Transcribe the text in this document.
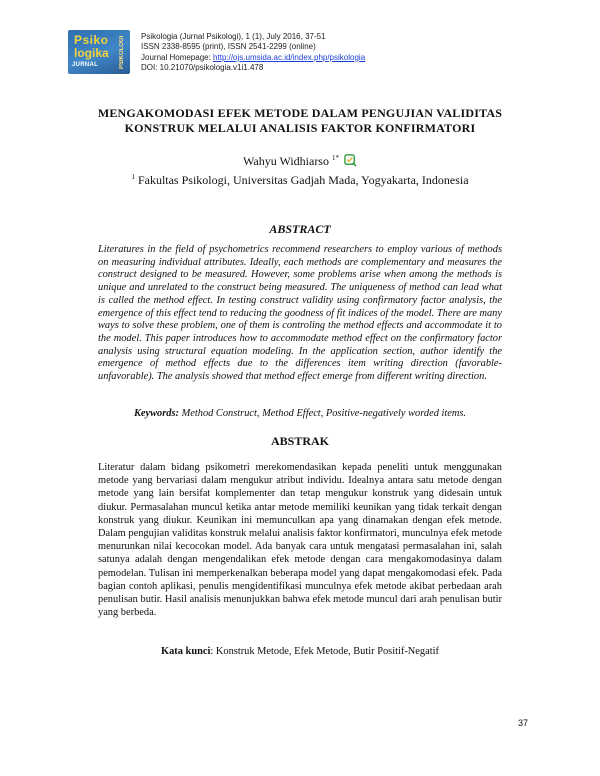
Psiko
logika
JURNAL	PSIKOLOGI	Psikologia (Jurnal Psikologi), 1 (1), July 2016, 37-51
ISSN 2338-8595 (print), ISSN 2541-2299 (online)
Journal Homepage: http://ojs.umsida.ac.id/index.php/psikologia
DOI: 10.21070/psikologia.v1i1.478
MENGAKOMODASI EFEK METODE DALAM PENGUJIAN VALIDITAS
KONSTRUK MELALUI ANALISIS FAKTOR KONFIRMATORI
Wahyu Widhiarso $^{1*}$
$^1$ Fakultas Psikologi, Universitas Gadjah Mada, Yogyakarta, Indonesia
ABSTRACT

Literatures in the field of psychometrics recommend researchers to employ various of methods on measuring individual attributes. Ideally, each methods are complementary and measures the construct designed to be measured. However, some problems arise when among the methods is unique and unrelated to the construct being measured. The uniqueness of method can lead what is called the method effect. In testing construct validity using confirmatory factor analysis, the emergence of this effect tend to reducing the goodness of fit indices of the model. There are many ways to solve these problem, one of them is controling the method effects and accommodate it to the model. This paper introduces how to accommodate method effect on the confirmatory factor analysis using structural equation modeling. In the application section, author identify the emergence of method effects due to the differences item writing direction (favorable-unfavorable). The analysis showed that method effect emerge from different writing direction.

Keywords: Method Construct, Method Effect, Positive-negatively worded items.
ABSTRAK

Literatur dalam bidang psikometri merekomendasikan kepada peneliti untuk menggunakan metode yang bervariasi dalam mengukur atribut individu. Idealnya antara satu metode dengan metode yang lain bersifat komplementer dan tetap mengukur konstruk yang didesain untuk diukur. Permasalahan muncul ketika antar metode memiliki keunikan yang tidak terkait dengan konstruk yang diukur. Keunikan ini memunculkan apa yang dinamakan dengan efek metode. Dalam pengujian validitas konstruk melalui analisis faktor konfirmatori, munculnya efek metode menurunkan nilai kecocokan model. Ada banyak cara untuk mengatasi permasalahan ini, salah satunya adalah dengan mengendalikan efek metode dengan cara mengakomodasinya dalam pemodelan. Tulisan ini memperkenalkan beberapa model yang dapat mengakomodasi efek. Pada bagian contoh aplikasi, penulis mengidentifikasi munculnya efek metode akibat perbedaan arah penulisan butir. Hasil analisis menunjukkan bahwa efek metode muncul dari arah penulisan butir yang berbeda.

Kata kunci: Konstruk Metode, Efek Metode, Butir Positif-Negatif
37
